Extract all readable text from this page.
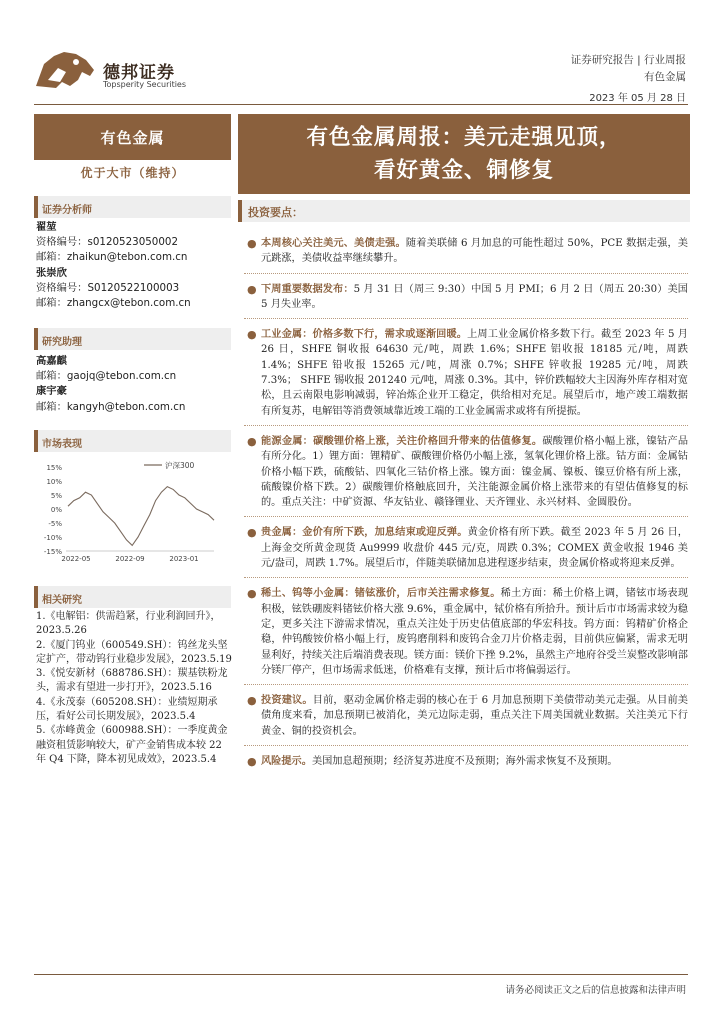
德邦证券
Topsperity Securities
证券研究报告 | 行业周报
有色金属
2023 年 05 月 28 日
有色金属
优于大市（维持）
证券分析师
翟堃
资格编号：s0120523050002
邮箱：zhaikun@tebon.com.cn
张崇欣
资格编号：S0120522100003
邮箱：zhangcx@tebon.com.cn
研究助理
高嘉麒
邮箱：gaojq@tebon.com.cn
康宇豪
邮箱：kangyh@tebon.com.cn
市场表现
15%
10%
5%
0%
-5%
-10%
-15%
2022-05	2022-09	2023-01
沪深300
相关研究
1.《电解铝：供需趋紧，行业利润回升》，2023.5.26
2.《厦门钨业（600549.SH）：钨丝龙头坚定扩产，带动钨行业稳步发展》，2023.5.19
3.《悦安新材（688786.SH）：羰基铁粉龙头，需求有望进一步打开》，2023.5.16
4.《永茂泰（605208.SH）：业绩短期承压，看好公司长期发展》，2023.5.4
5.《赤峰黄金（600988.SH）：一季度黄金融资租赁影响较大，矿产金销售成本较 22 年 Q4 下降，降本初见成效》，2023.5.4
有色金属周报：美元走强见顶，
看好黄金、铜修复
投资要点：
● 本周核心关注美元、美债走强。随着美联储 6 月加息的可能性超过 50%，PCE 数据走强，美元跳涨，美债收益率继续攀升。
● 下周重要数据发布：5 月 31 日（周三 9:30）中国 5 月 PMI；6 月 2 日（周五 20:30）美国 5 月失业率。
● 工业金属：价格多数下行，需求或逐渐回暖。上周工业金属价格多数下行。截至 2023 年 5 月 26 日，SHFE 铜收报 64630 元/吨，周跌 1.6%；SHFE 铝收报 18185 元/吨，周跌 1.4%；SHFE 铅收报 15265 元/吨，周涨 0.7%；SHFE 锌收报 19285 元/吨，周跌 7.3%； SHFE 锡收报 201240 元/吨，周涨 0.3%。其中，锌价跌幅较大主因海外库存相对宽松，且云南限电影响减弱，锌冶炼企业开工稳定，供给相对充足。展望后市，地产竣工端数据有所复苏，电解铝等消费领域靠近竣工端的工业金属需求或将有所提振。
● 能源金属：碳酸锂价格上涨，关注价格回升带来的估值修复。碳酸锂价格小幅上涨，镍钴产品有所分化。1）锂方面：锂精矿、碳酸锂价格仍小幅上涨，氢氧化锂价格上涨。钴方面：金属钴价格小幅下跌，硫酸钴、四氧化三钴价格上涨。镍方面：镍金属、镍板、镍豆价格有所上涨，硫酸镍价格下跌。2）碳酸锂价格触底回升，关注能源金属价格上涨带来的有望估值修复的标的。重点关注：中矿资源、华友钴业、赣锋锂业、天齐锂业、永兴材料、金圆股份。
● 贵金属：金价有所下跌，加息结束或迎反弹。黄金价格有所下跌。截至 2023 年 5 月 26 日，上海金交所黄金现货 Au9999 收盘价 445 元/克，周跌 0.3%；COMEX 黄金收报 1946 美元/盎司，周跌 1.7%。展望后市，伴随美联储加息进程逐步结束，贵金属价格或将迎来反弹。
● 稀土、钨等小金属：锗铉涨价，后市关注需求修复。稀土方面：稀土价格上调，锗铉市场表现积极，铉铁硼废料锗铉价格大涨 9.6%，重金属中，铽价格有所拾升。预计后市市场需求较为稳定，更多关注下游需求情况，重点关注处于历史估值底部的华宏科技。钨方面：钨精矿价格企稳，仲钨酸铵价格小幅上行，废钨磨削料和废钨合金刀片价格走弱，目前供应偏紧，需求无明显利好，持续关注后端消费表现。镁方面：镁价下挫 9.2%，虽然主产地府谷受兰炭整改影响部分镁厂停产，但市场需求低迷，价格难有支撑，预计后市将偏弱运行。
● 投资建议。目前，驱动金属价格走弱的核心在于 6 月加息预期下美债带动美元走强。从目前美债角度来看，加息预期已被消化，美元边际走弱，重点关注下周美国就业数据。关注美元下行黄金、铜的投资机会。
● 风险提示。美国加息超预期；经济复苏进度不及预期；海外需求恢复不及预期。
请务必阅读正文之后的信息披露和法律声明
